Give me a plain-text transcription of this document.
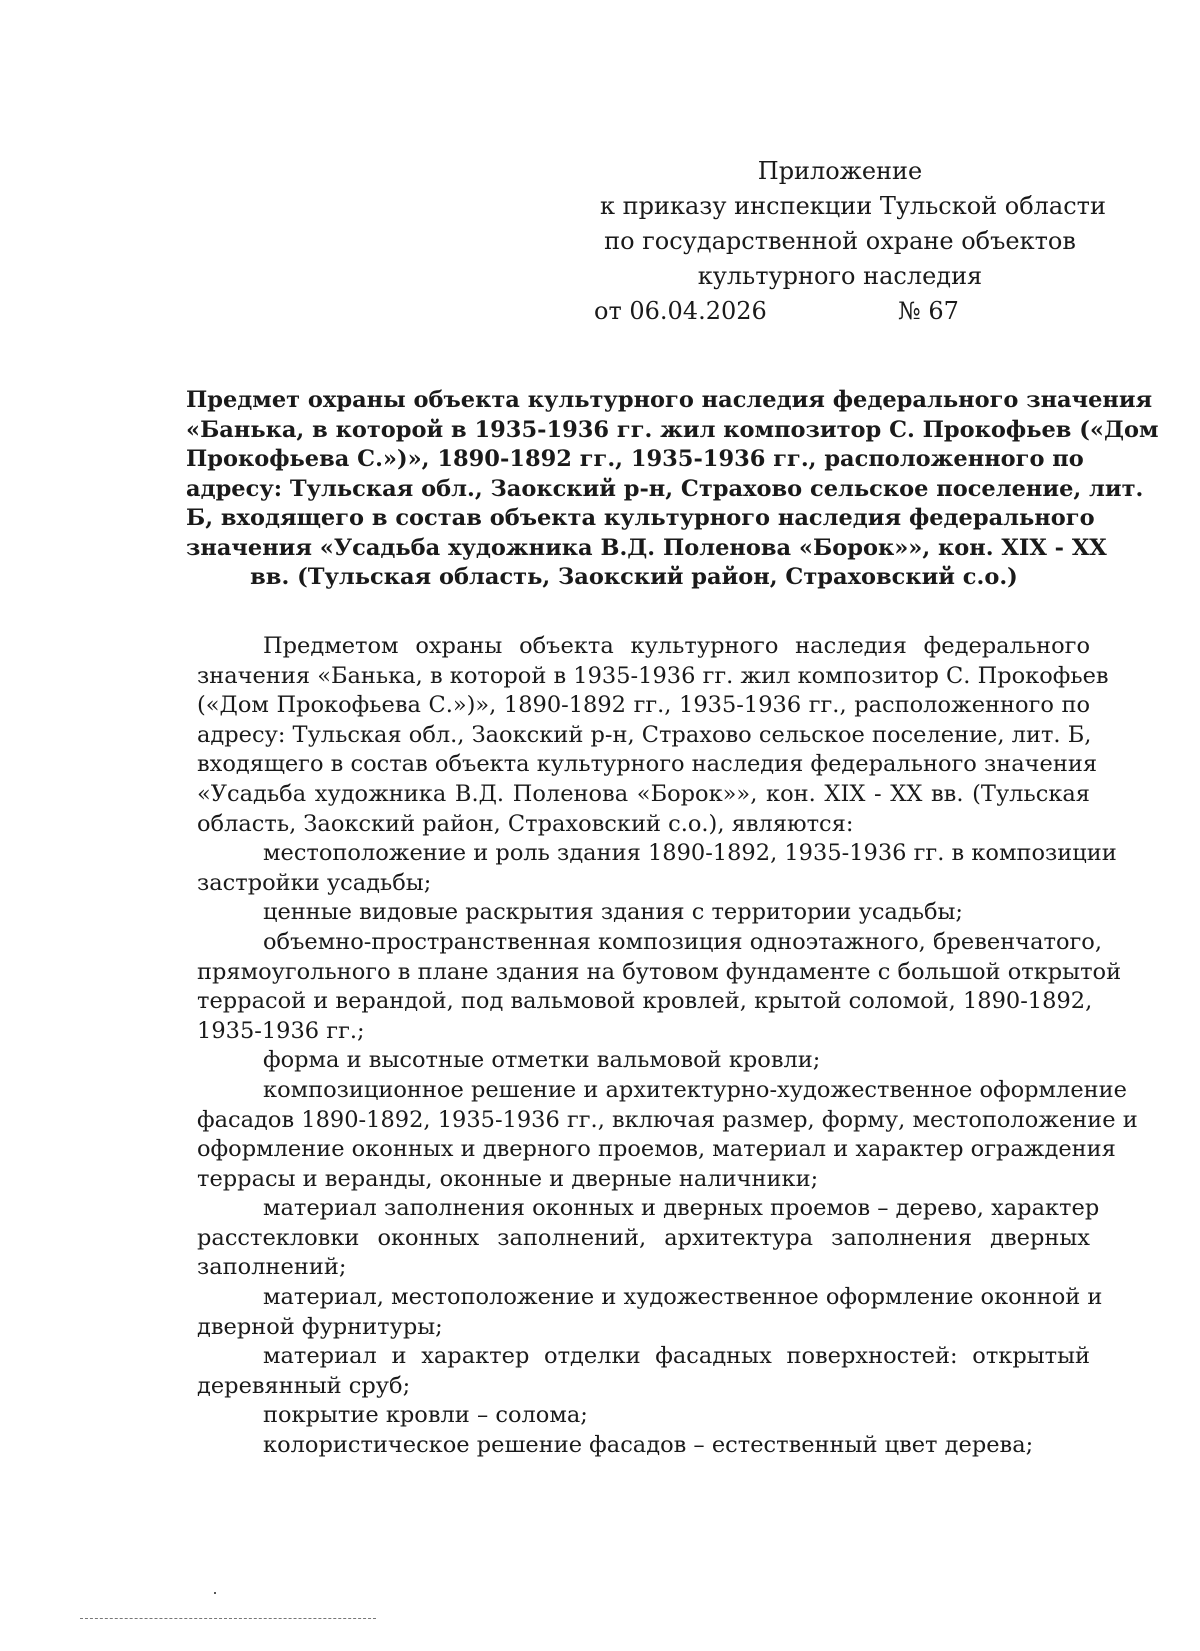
Приложение
к приказу инспекции Тульской области
по государственной охране объектов
культурного наследия
от 06.04.2026	№ 67
Предмет охраны объекта культурного наследия федерального значения
«Банька, в которой в 1935-1936 гг. жил композитор С. Прокофьев («Дом
Прокофьева С.»)», 1890-1892 гг., 1935-1936 гг., расположенного по
адресу: Тульская обл., Заокский р-н, Страхово сельское поселение, лит.
Б, входящего в состав объекта культурного наследия федерального
значения «Усадьба художника В.Д. Поленова «Борок»», кон. XIX - XX
вв. (Тульская область, Заокский район, Страховский с.о.)
Предметом охраны объекта культурного наследия федерального
значения «Банька, в которой в 1935-1936 гг. жил композитор С. Прокофьев
(«Дом Прокофьева С.»)», 1890-1892 гг., 1935-1936 гг., расположенного по
адресу: Тульская обл., Заокский р-н, Страхово сельское поселение, лит. Б,
входящего в состав объекта культурного наследия федерального значения
«Усадьба художника В.Д. Поленова «Борок»», кон. XIX - XX вв. (Тульская
область, Заокский район, Страховский с.о.), являются:
местоположение и роль здания 1890-1892, 1935-1936 гг. в композиции
застройки усадьбы;
ценные видовые раскрытия здания с территории усадьбы;
объемно-пространственная композиция одноэтажного, бревенчатого,
прямоугольного в плане здания на бутовом фундаменте с большой открытой
террасой и верандой, под вальмовой кровлей, крытой соломой, 1890-1892,
1935-1936 гг.;
форма и высотные отметки вальмовой кровли;
композиционное решение и архитектурно-художественное оформление
фасадов 1890-1892, 1935-1936 гг., включая размер, форму, местоположение и
оформление оконных и дверного проемов, материал и характер ограждения
террасы и веранды, оконные и дверные наличники;
материал заполнения оконных и дверных проемов – дерево, характер
расстекловки оконных заполнений, архитектура заполнения дверных
заполнений;
материал, местоположение и художественное оформление оконной и
дверной фурнитуры;
материал и характер отделки фасадных поверхностей: открытый
деревянный сруб;
покрытие кровли – солома;
колористическое решение фасадов – естественный цвет дерева;
